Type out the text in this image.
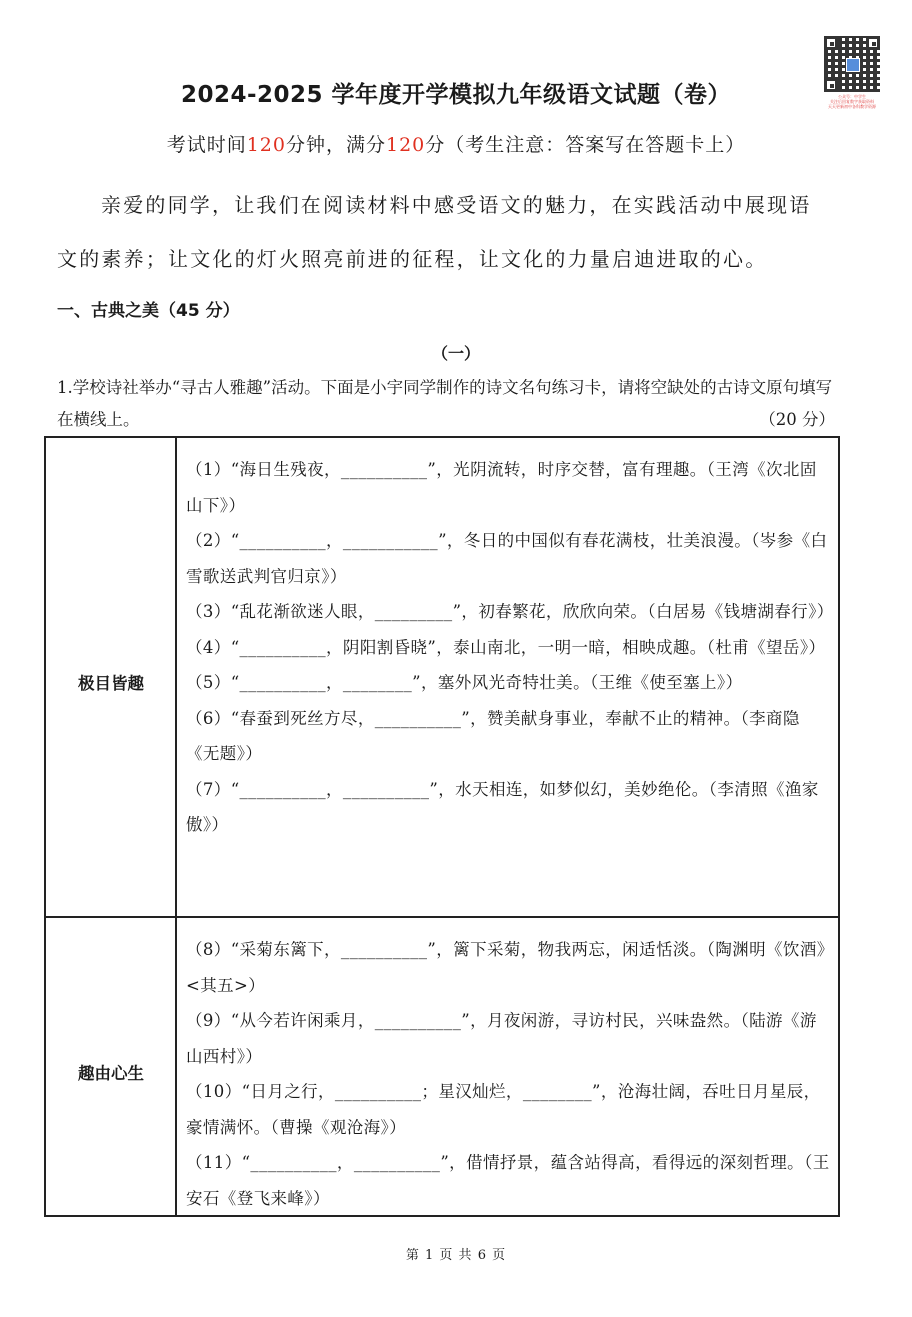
公众号：中学生
关注后回复数字获取资料
天天更新初中各科教学资源
2024-2025 学年度开学模拟九年级语文试题（卷）
考试时间120分钟，满分120分（考生注意：答案写在答题卡上）
亲爱的同学，让我们在阅读材料中感受语文的魅力，在实践活动中展现语文的素养；让文化的灯火照亮前进的征程，让文化的力量启迪进取的心。
一、古典之美（45 分）
（一）
1.学校诗社举办“寻古人雅趣”活动。下面是小宇同学制作的诗文名句练习卡，请将空缺处的古诗文原句填写在横线上。	（20 分）
极目皆趣
（1）“海日生残夜，__________”，光阴流转，时序交替，富有理趣。（王湾《次北固山下》）
（2）“__________，___________”，冬日的中国似有春花满枝，壮美浪漫。（岑参《白雪歌送武判官归京》）
（3）“乱花渐欲迷人眼，_________”，初春繁花，欣欣向荣。（白居易《钱塘湖春行》）
（4）“__________，阴阳割昏晓”，泰山南北，一明一暗，相映成趣。（杜甫《望岳》）
（5）“__________，________”，塞外风光奇特壮美。（王维《使至塞上》）
（6）“春蚕到死丝方尽，__________”，赞美献身事业，奉献不止的精神。（李商隐《无题》）
（7）“__________，__________”，水天相连，如梦似幻，美妙绝伦。（李清照《渔家傲》）
趣由心生
（8）“采菊东篱下，__________”，篱下采菊，物我两忘，闲适恬淡。（陶渊明《饮酒》<其五>）
（9）“从今若许闲乘月，__________”，月夜闲游，寻访村民，兴味盎然。（陆游《游山西村》）
（10）“日月之行，__________；星汉灿烂，________”，沧海壮阔，吞吐日月星辰，豪情满怀。（曹操《观沧海》）
（11）“__________，__________”，借情抒景，蕴含站得高，看得远的深刻哲理。（王安石《登飞来峰》）
第 1 页 共 6 页
